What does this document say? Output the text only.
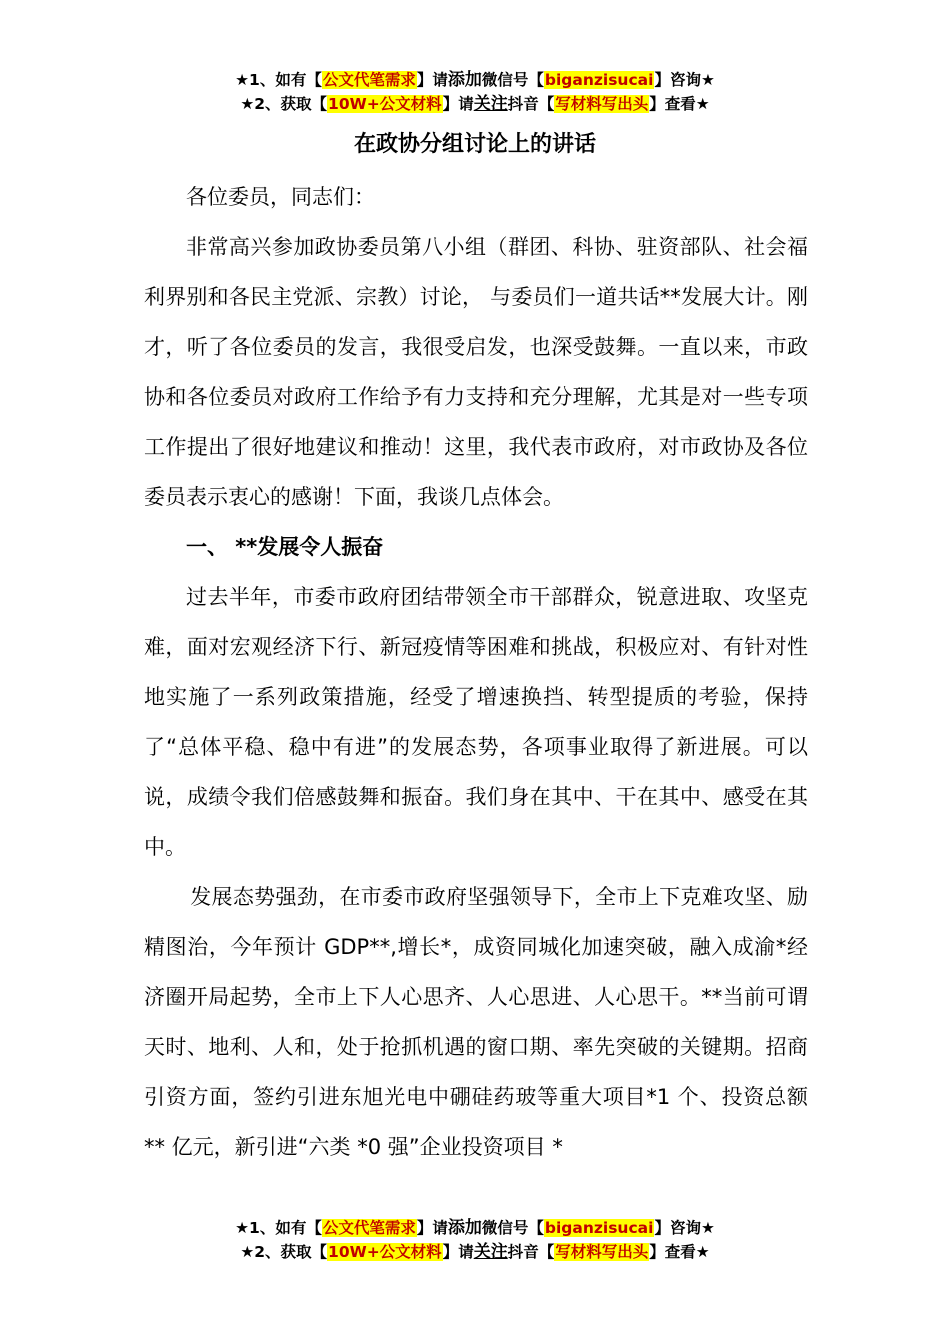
★1、如有【公文代笔需求】请添加微信号【biganzisucai】咨询★
★2、获取【10W+公文材料】请关注抖音【写材料写出头】查看★
在政协分组讨论上的讲话

各位委员，同志们：

非常高兴参加政协委员第八小组（群团、科协、驻资部队、社会福利界别和各民主党派、宗教）讨论， 与委员们一道共话**发展大计。刚才，听了各位委员的发言，我很受启发，也深受鼓舞。一直以来，市政协和各位委员对政府工作给予有力支持和充分理解，尤其是对一些专项工作提出了很好地建议和推动！这里，我代表市政府，对市政协及各位委员表示衷心的感谢！下面，我谈几点体会。

一、 **发展令人振奋

过去半年，市委市政府团结带领全市干部群众，锐意进取、攻坚克难，面对宏观经济下行、新冠疫情等困难和挑战，积极应对、有针对性地实施了一系列政策措施，经受了增速换挡、转型提质的考验，保持了“总体平稳、稳中有进”的发展态势，各项事业取得了新进展。可以说，成绩令我们倍感鼓舞和振奋。我们身在其中、干在其中、感受在其中。

发展态势强劲，在市委市政府坚强领导下，全市上下克难攻坚、励精图治，今年预计 GDP**,增长*，成资同城化加速突破，融入成渝*经济圈开局起势，全市上下人心思齐、人心思进、人心思干。**当前可谓天时、地利、人和，处于抢抓机遇的窗口期、率先突破的关键期。招商引资方面，签约引进东旭光电中硼硅药玻等重大项目*1 个、投资总额 ** 亿元，新引进“六类 *0 强”企业投资项目 *

★1、如有【公文代笔需求】请添加微信号【biganzisucai】咨询★
★2、获取【10W+公文材料】请关注抖音【写材料写出头】查看★
